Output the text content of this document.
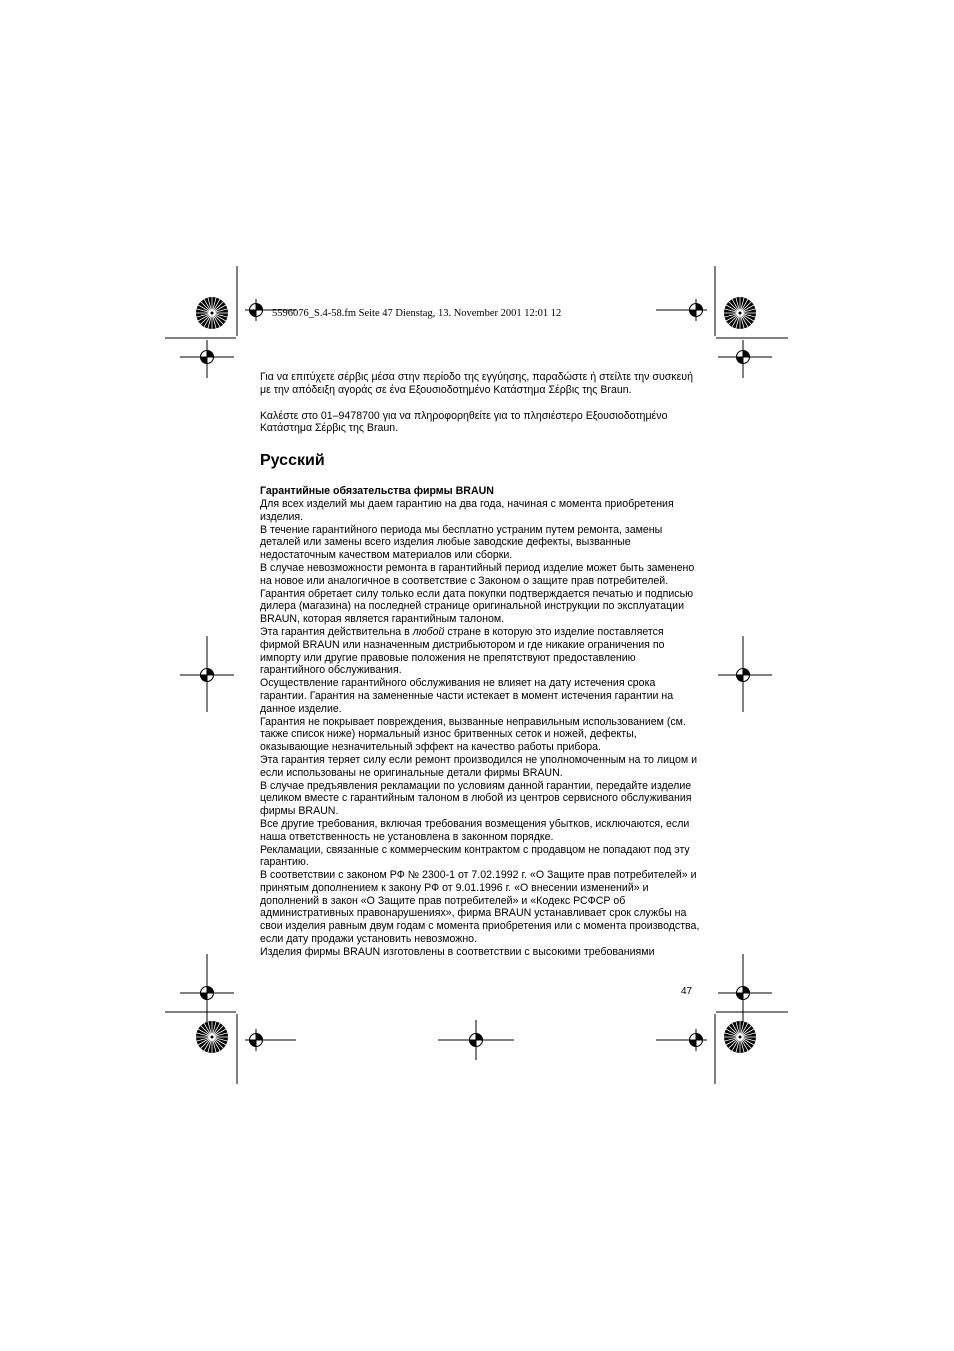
5596076_S.4-58.fm Seite 47 Dienstag, 13. November 2001 12:01 12

Για να επιτύχετε σέρβις μέσα στην περίοδο της εγγύησης, παραδώστε ή στείλτε την συσκευή με την απόδειξη αγοράς σε ένα Εξουσιοδοτημένο Κατάστημα Σέρβις της Braun.

Καλέστε στο 01–9478700 για να πληροφορηθείτε για το πλησιέστερο Εξουσιοδοτημένο Κατάστημα Σέρβις της Braun.

Русский

Гарантийные обязательства фирмы BRAUN

Для всех изделий мы даем гарантию на два года, начиная с момента приобретения изделия.

В течение гарантийного периода мы бесплатно устраним путем ремонта, замены деталей или замены всего изделия любые заводские дефекты, вызванные недостаточным качеством материалов или сборки.

В случае невозможности ремонта в гарантийный период изделие может быть заменено на новое или аналогичное в соответствие с Законом о защите прав потребителей.

Гарантия обретает силу только если дата покупки подтверждается печатью и подписью дилера (магазина) на последней странице оригинальной инструкции по эксплуатации BRAUN, которая является гарантийным талоном.

Эта гарантия действительна в любой стране в которую это изделие поставляется фирмой BRAUN или назначенным дистрибьютором и где никакие ограничения по импорту или другие правовые положения не препятствуют предоставлению гарантийного обслуживания.

Осуществление гарантийного обслуживания не влияет на дату истечения срока гарантии. Гарантия на замененные части истекает в момент истечения гарантии на данное изделие.

Гарантия не покрывает повреждения, вызванные неправильным использованием (см. также список ниже) нормальный износ бритвенных сеток и ножей, дефекты, оказывающие незначительный эффект на качество работы прибора.

Эта гарантия теряет силу если ремонт производился не уполномоченным на то лицом и если использованы не оригинальные детали фирмы BRAUN.

В случае предъявления рекламации по условиям данной гарантии, передайте изделие целиком вместе с гарантийным талоном в любой из центров сервисного обслуживания фирмы BRAUN.

Все другие требования, включая требования возмещения убытков, исключаются, если наша ответственность не установлена в законном порядке.

Рекламации, связанные с коммерческим контрактом с продавцом не попадают под эту гарантию.

В соответствии с законом РФ № 2300-1 от 7.02.1992 г. «О Защите прав потребителей» и принятым дополнением к закону РФ от 9.01.1996 г. «О внесении изменений» и дополнений в закон «О Защите прав потребителей» и «Кодекс РСФСР об административных правонарушениях», фирма BRAUN устанавливает срок службы на свои изделия равным двум годам с момента приобретения или с момента производства, если дату продажи установить невозможно.

Изделия фирмы BRAUN изготовлены в соответствии с высокими требованиями

47
